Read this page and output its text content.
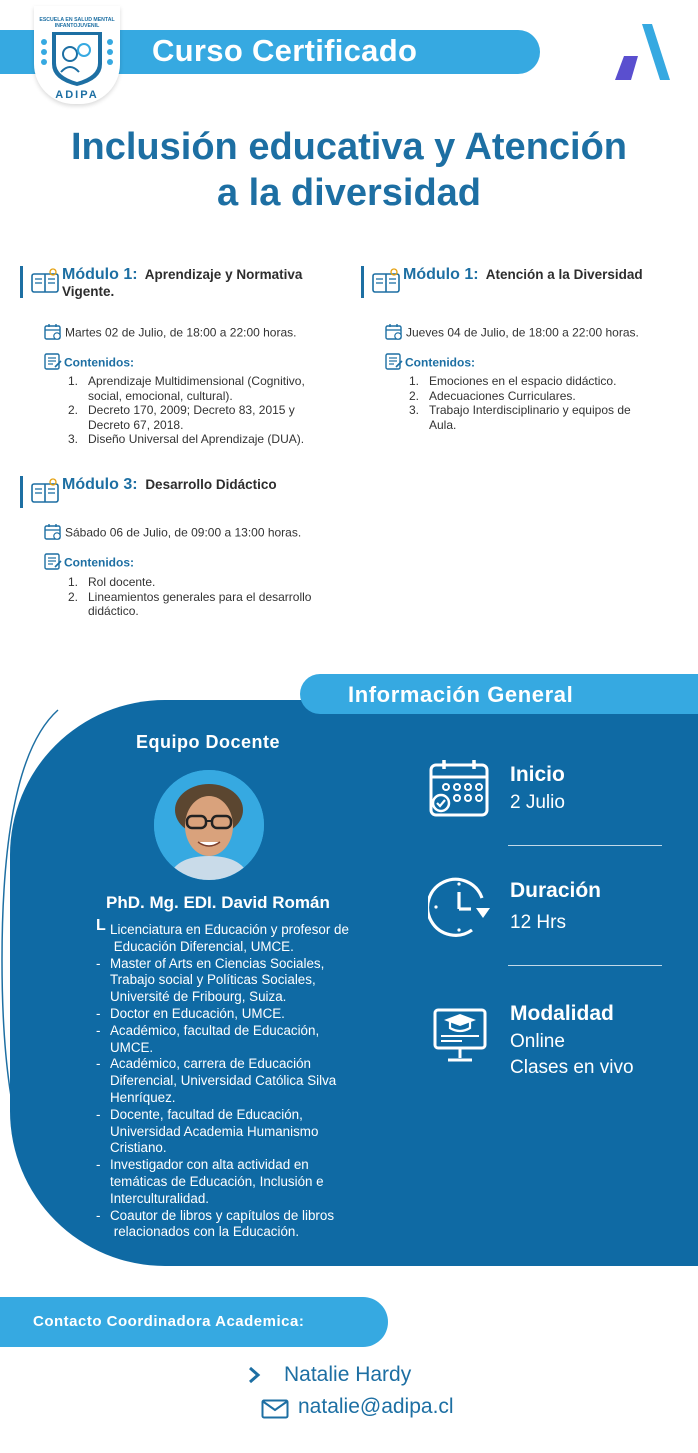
Curso Certificado
ESCUELA EN SALUD MENTAL
INFANTOJUVENIL
ADIPA
Inclusión educativa y Atención
a la diversidad
Módulo 1: Aprendizaje y Normativa
Vigente.
Martes 02 de Julio, de 18:00 a 22:00 horas.
Contenidos:
1. Aprendizaje Multidimensional (Cognitivo,
social, emocional, cultural).
2. Decreto 170, 2009; Decreto 83, 2015 y
Decreto 67, 2018.
3. Diseño Universal del Aprendizaje (DUA).
Módulo 1: Atención a la Diversidad
Jueves 04 de Julio, de 18:00 a 22:00 horas.
Contenidos:
1. Emociones en el espacio didáctico.
2. Adecuaciones Curriculares.
3. Trabajo Interdisciplinario y equipos de
Aula.
Módulo 3: Desarrollo Didáctico
Sábado 06 de Julio, de 09:00 a 13:00 horas.
Contenidos:
1. Rol docente.
2. Lineamientos generales para el desarrollo
didáctico.
Información General
Equipo Docente
PhD. Mg. EDI. David Román
L Licenciatura en Educación y profesor de
Educación Diferencial, UMCE.
- Master of Arts en Ciencias Sociales,
Trabajo social y Políticas Sociales,
Université de Fribourg, Suiza.
- Doctor en Educación, UMCE.
- Académico, facultad de Educación,
UMCE.
- Académico, carrera de Educación
Diferencial, Universidad Católica Silva
Henríquez.
- Docente, facultad de Educación,
Universidad Academia Humanismo
Cristiano.
- Investigador con alta actividad en
temáticas de Educación, Inclusión e
Interculturalidad.
- Coautor de libros y capítulos de libros
relacionados con la Educación.
Inicio
2 Julio
Duración
12 Hrs
Modalidad
Online
Clases en vivo
Contacto Coordinadora Academica:
Natalie Hardy
natalie@adipa.cl
